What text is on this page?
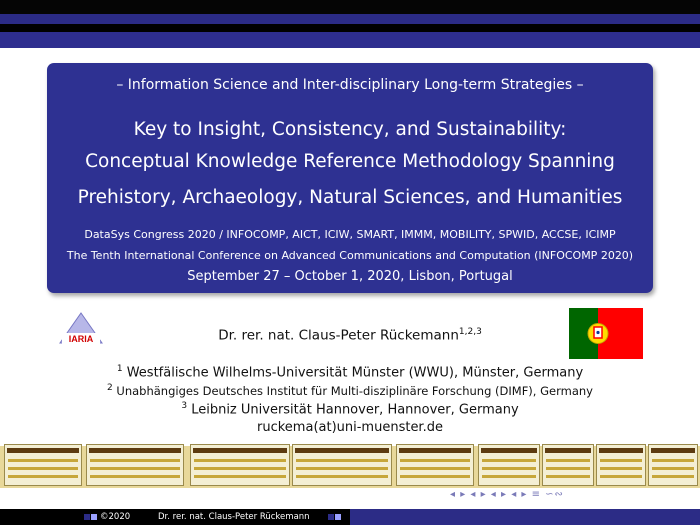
– Information Science and Inter-disciplinary Long-term Strategies –
Key to Insight, Consistency, and Sustainability:
Conceptual Knowledge Reference Methodology Spanning
Prehistory, Archaeology, Natural Sciences, and Humanities
DataSys Congress 2020 / INFOCOMP, AICT, ICIW, SMART, IMMM, MOBILITY, SPWID, ACCSE, ICIMP
The Tenth International Conference on Advanced Communications and Computation (INFOCOMP 2020)
September 27 – October 1, 2020, Lisbon, Portugal
IARIA	Dr. rer. nat. Claus-Peter Rückemann$^{1,2,3}$
$^1$ Westfälische Wilhelms-Universität Münster (WWU), Münster, Germany
$^2$ Unabhängiges Deutsches Institut für Multi-disziplinäre Forschung (DIMF), Germany
$^3$ Leibniz Universität Hannover, Hannover, Germany
ruckema(at)uni-muenster.de
◂ ▸ ◂ ▸ ◂ ▸ ◂ ▸ ≡ ∽∾
©2020	Dr. rer. nat. Claus-Peter Rückemann
